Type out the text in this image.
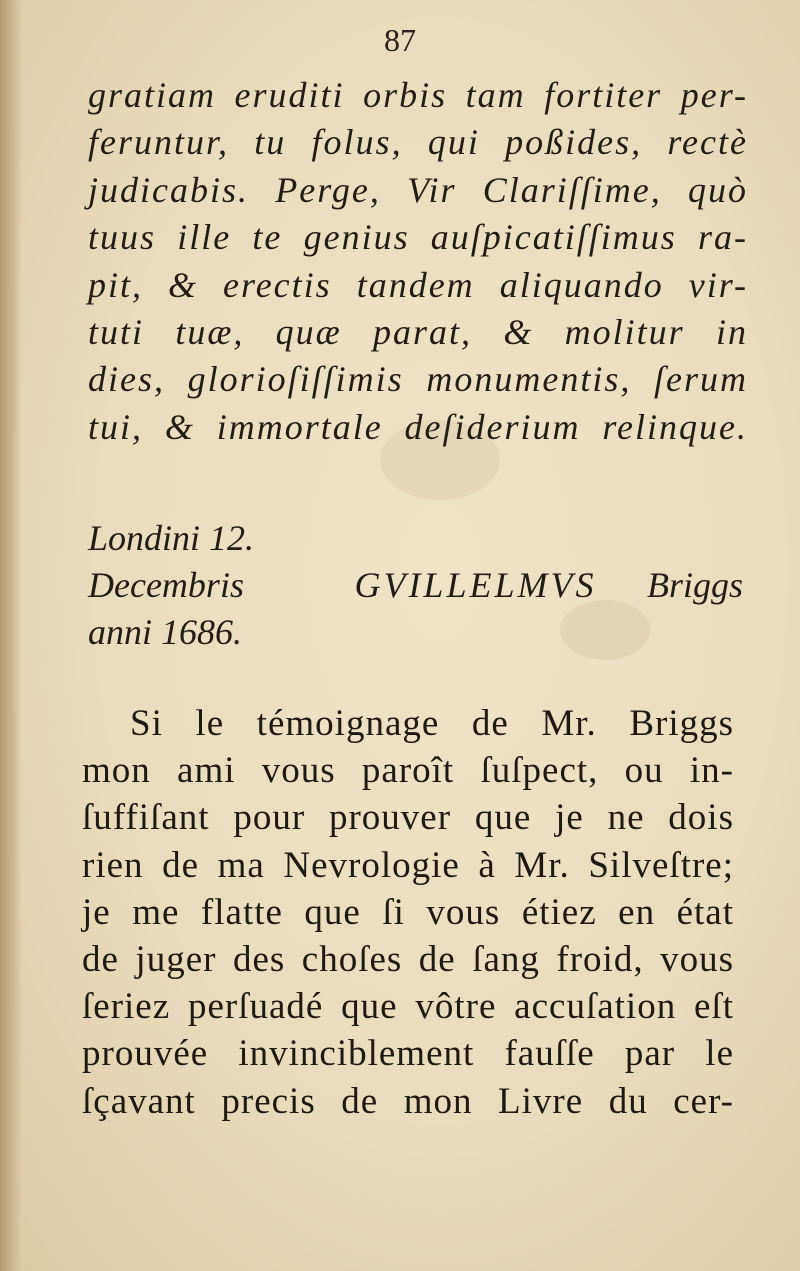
87
gratiam eruditi orbis tam fortiter per-
feruntur, tu folus, qui poßides, rectè
judicabis. Perge, Vir Clariſſime, quò
tuus ille te genius auſpicatiſſimus ra-
pit, & erectis tandem aliquando vir-
tuti tuæ, quæ parat, & molitur in
dies, glorioſiſſimis monumentis, ſerum
tui, & immortale deſiderium relinque.
Londini 12.
Decembris	GVILLELMVS Briggs
anni 1686.
Si le témoignage de Mr. Briggs
mon ami vous paroît ſuſpect, ou in-
ſuffiſant pour prouver que je ne dois
rien de ma Nevrologie à Mr. Silveſtre;
je me flatte que ſi vous étiez en état
de juger des choſes de ſang froid, vous
ſeriez perſuadé que vôtre accuſation eſt
prouvée invinciblement fauſſe par le
ſçavant precis de mon Livre du cer-
